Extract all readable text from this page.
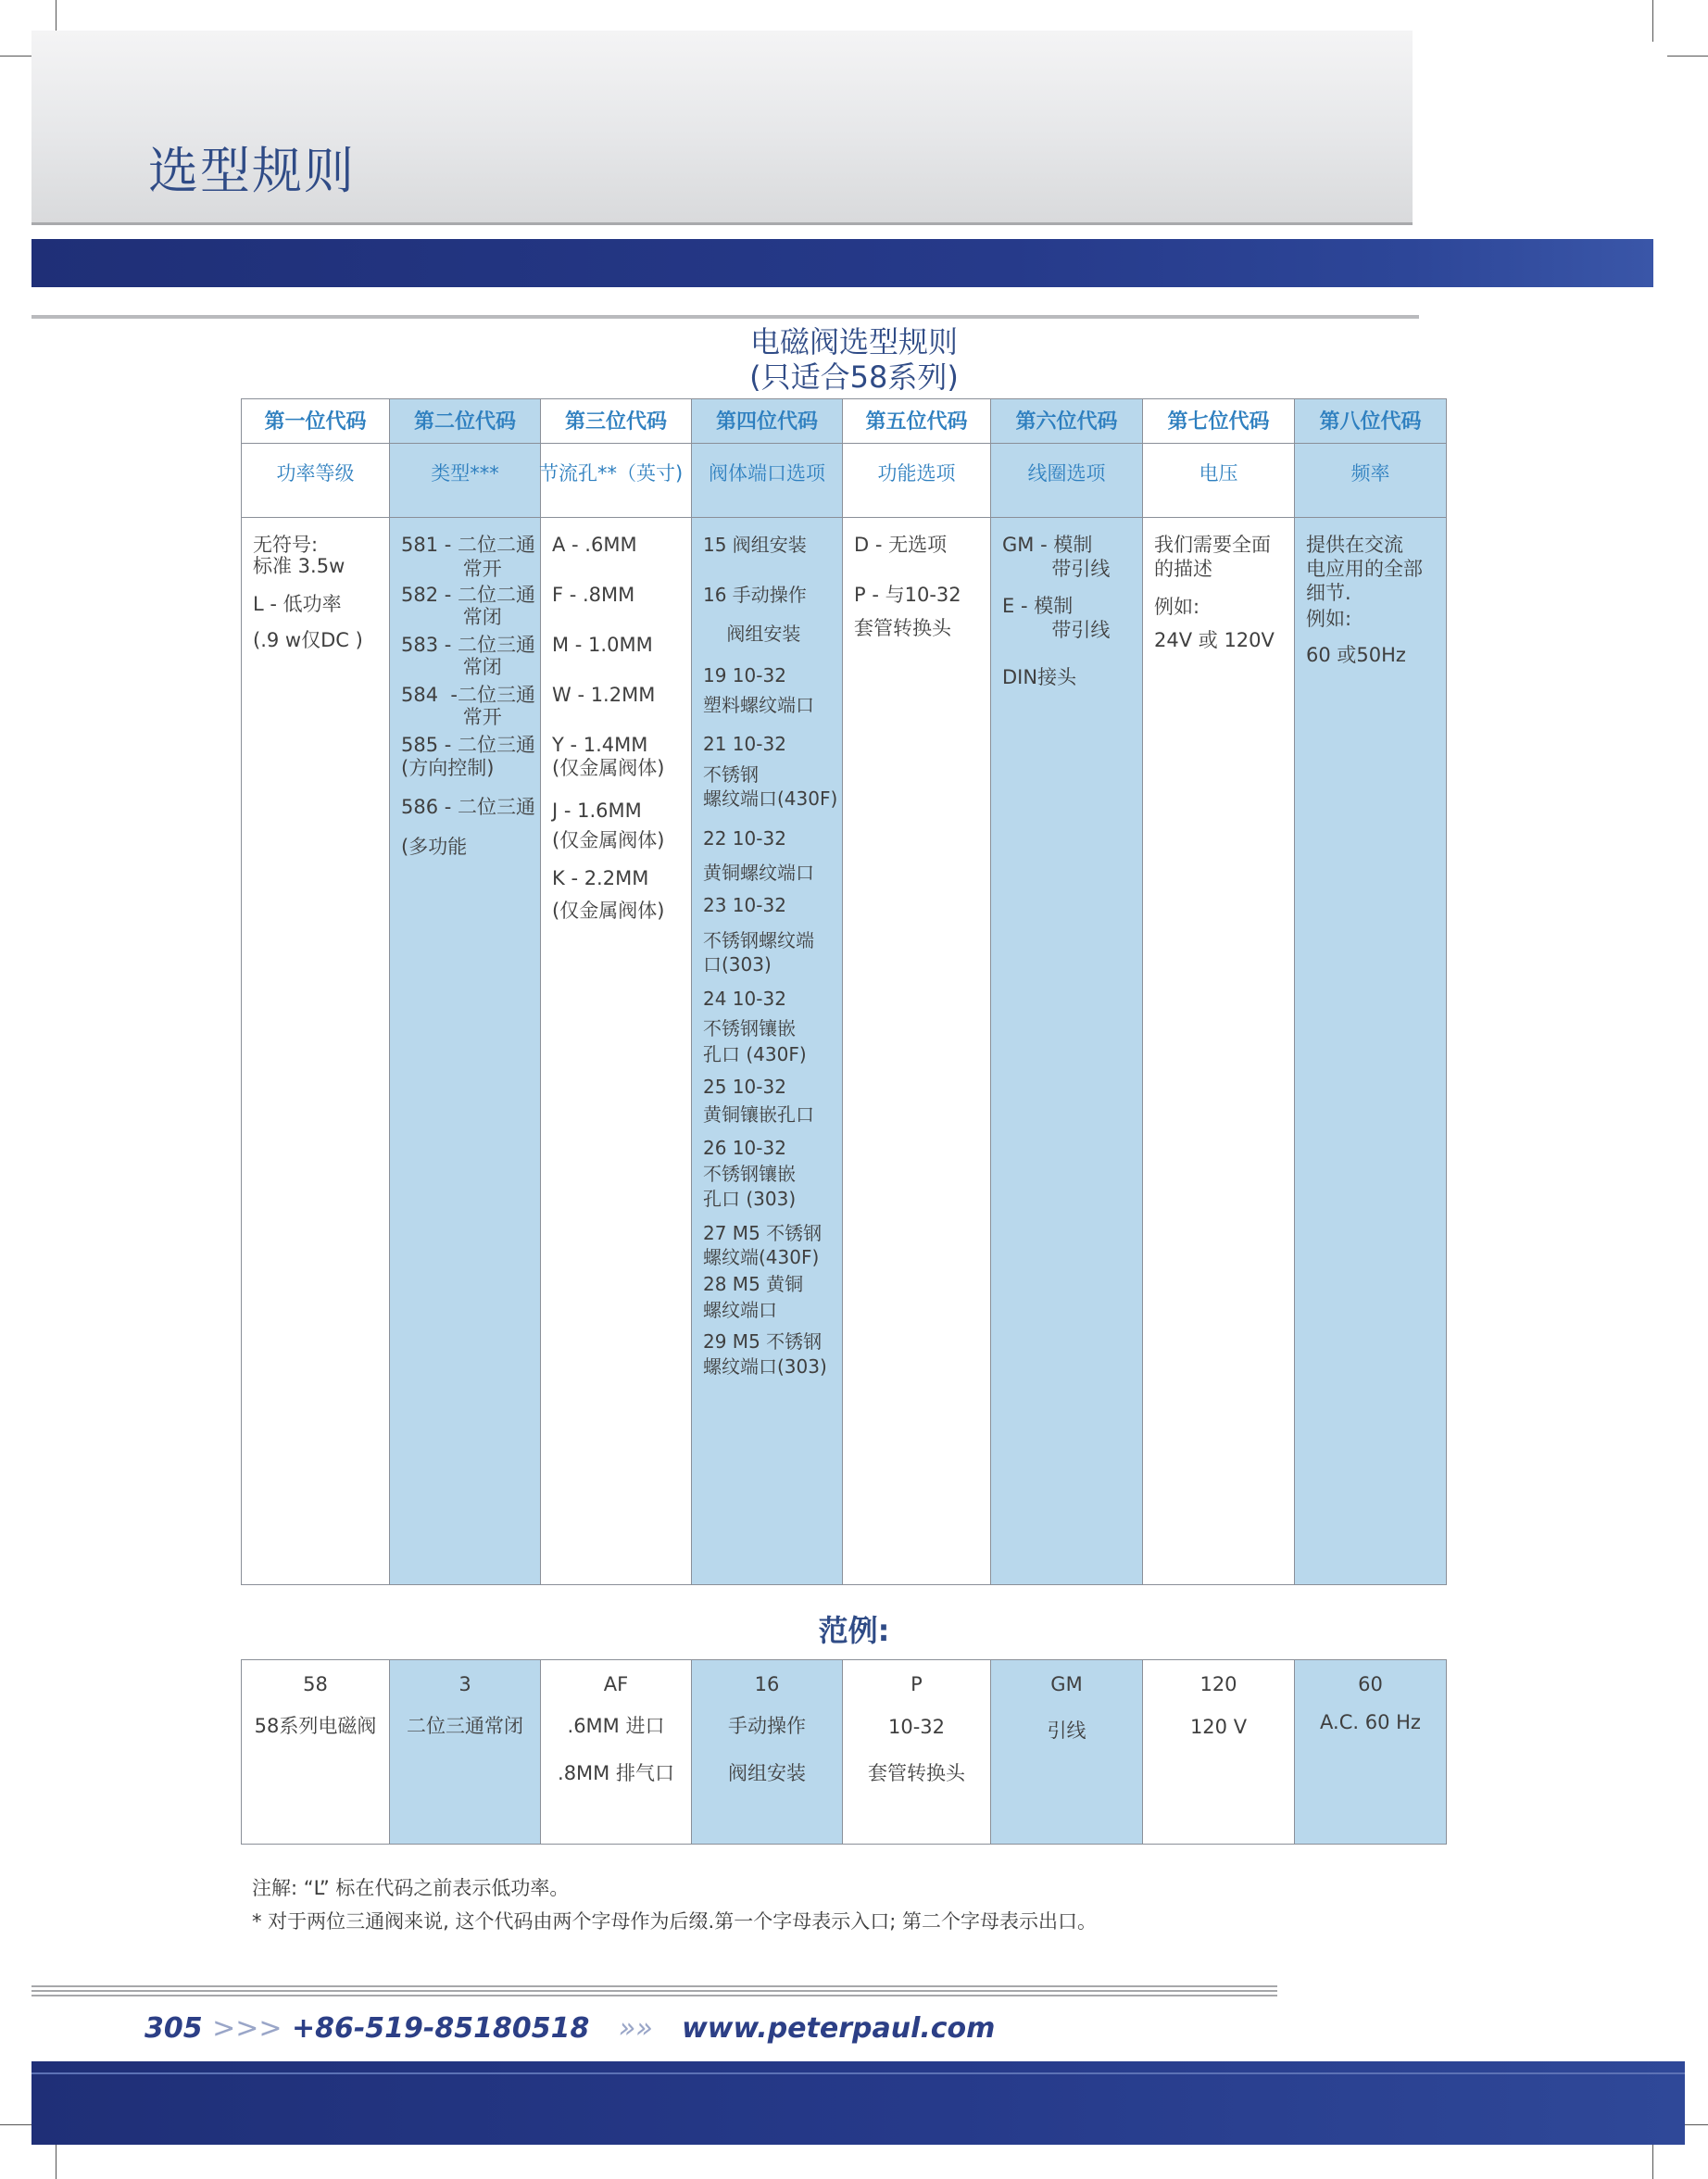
选型规则
电磁阀选型规则
(只适合58系列)
第一位代码
功率等级
无符号:
标准 3.5w
L - 低功率
(.9 w仅DC )
第二位代码
类型***
581 - 二位二通
常开
582 - 二位二通
常闭
583 - 二位三通
常闭
584  -二位三通
常开
585 - 二位三通
(方向控制)
586 - 二位三通
(多功能
第三位代码
节流孔**（英寸)
A - .6MM
F - .8MM
M - 1.0MM
W - 1.2MM
Y - 1.4MM
(仅金属阀体)
J - 1.6MM
(仅金属阀体)
K - 2.2MM
(仅金属阀体)
第四位代码
阀体端口选项
15 阀组安装
16 手动操作
阀组安装
19 10-32
塑料螺纹端口
21 10-32
不锈钢
螺纹端口(430F)
22 10-32
黄铜螺纹端口
23 10-32
不锈钢螺纹端
口(303)
24 10-32
不锈钢镶嵌
孔口 (430F)
25 10-32
黄铜镶嵌孔口
26 10-32
不锈钢镶嵌
孔口 (303)
27 M5 不锈钢
螺纹端(430F)
28 M5 黄铜
螺纹端口
29 M5 不锈钢
螺纹端口(303)
第五位代码
功能选项
D - 无选项
P - 与10-32
套管转换头
第六位代码
线圈选项
GM - 模制
带引线
E - 模制
带引线
DIN接头
第七位代码
电压
我们需要全面
的描述
例如:
24V 或 120V
第八位代码
频率
提供在交流
电应用的全部
细节.
例如:
60 或50Hz
范例:
58
58系列电磁阀
3
二位三通常闭
AF
.6MM 进口
.8MM 排气口
16
手动操作
阀组安装
P
10-32
套管转换头
GM
引线
120
120 V
60
A.C. 60 Hz
注解: “L” 标在代码之前表示低功率。
* 对于两位三通阀来说, 这个代码由两个字母作为后缀.第一个字母表示入口; 第二个字母表示出口。
305 >>> +86-519-85180518 »» www.peterpaul.com
